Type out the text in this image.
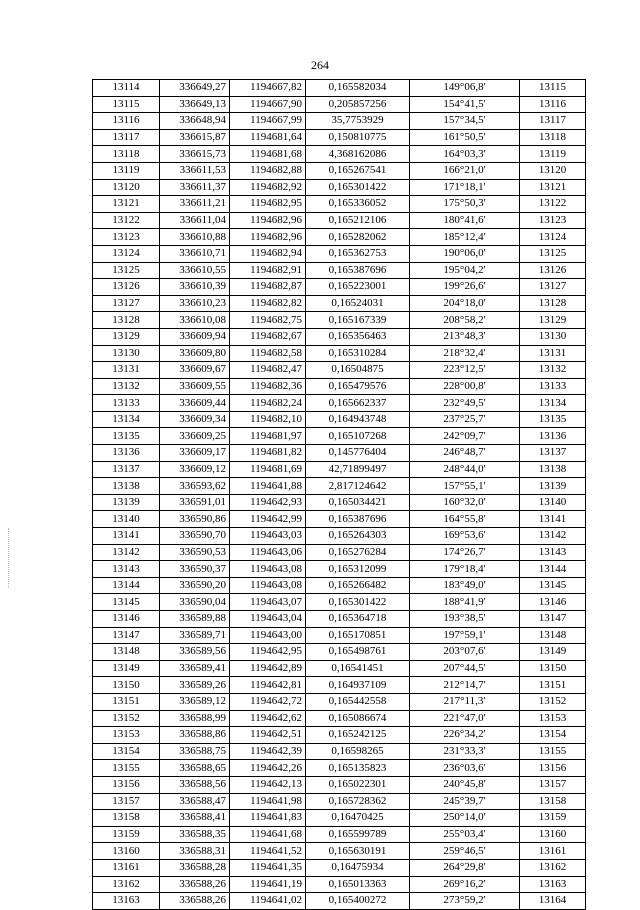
264
13114	336649,27	1194667,82	0,165582034	149°06,8'	13115
13115	336649,13	1194667,90	0,205857256	154°41,5'	13116
13116	336648,94	1194667,99	35,7753929	157°34,5'	13117
13117	336615,87	1194681,64	0,150810775	161°50,5'	13118
13118	336615,73	1194681,68	4,368162086	164°03,3'	13119
13119	336611,53	1194682,88	0,165267541	166°21,0'	13120
13120	336611,37	1194682,92	0,165301422	171°18,1'	13121
13121	336611,21	1194682,95	0,165336052	175°50,3'	13122
13122	336611,04	1194682,96	0,165212106	180°41,6'	13123
13123	336610,88	1194682,96	0,165282062	185°12,4'	13124
13124	336610,71	1194682,94	0,165362753	190°06,0'	13125
13125	336610,55	1194682,91	0,165387696	195°04,2'	13126
13126	336610,39	1194682,87	0,165223001	199°26,6'	13127
13127	336610,23	1194682,82	0,16524031	204°18,0'	13128
13128	336610,08	1194682,75	0,165167339	208°58,2'	13129
13129	336609,94	1194682,67	0,165356463	213°48,3'	13130
13130	336609,80	1194682,58	0,165310284	218°32,4'	13131
13131	336609,67	1194682,47	0,16504875	223°12,5'	13132
13132	336609,55	1194682,36	0,165479576	228°00,8'	13133
13133	336609,44	1194682,24	0,165662337	232°49,5'	13134
13134	336609,34	1194682,10	0,164943748	237°25,7'	13135
13135	336609,25	1194681,97	0,165107268	242°09,7'	13136
13136	336609,17	1194681,82	0,145776404	246°48,7'	13137
13137	336609,12	1194681,69	42,71899497	248°44,0'	13138
13138	336593,62	1194641,88	2,817124642	157°55,1'	13139
13139	336591,01	1194642,93	0,165034421	160°32,0'	13140
13140	336590,86	1194642,99	0,165387696	164°55,8'	13141
13141	336590,70	1194643,03	0,165264303	169°53,6'	13142
13142	336590,53	1194643,06	0,165276284	174°26,7'	13143
13143	336590,37	1194643,08	0,165312099	179°18,4'	13144
13144	336590,20	1194643,08	0,165266482	183°49,0'	13145
13145	336590,04	1194643,07	0,165301422	188°41,9'	13146
13146	336589,88	1194643,04	0,165364718	193°38,5'	13147
13147	336589,71	1194643,00	0,165170851	197°59,1'	13148
13148	336589,56	1194642,95	0,165498761	203°07,6'	13149
13149	336589,41	1194642,89	0,16541451	207°44,5'	13150
13150	336589,26	1194642,81	0,164937109	212°14,7'	13151
13151	336589,12	1194642,72	0,165442558	217°11,3'	13152
13152	336588,99	1194642,62	0,165086674	221°47,0'	13153
13153	336588,86	1194642,51	0,165242125	226°34,2'	13154
13154	336588,75	1194642,39	0,16598265	231°33,3'	13155
13155	336588,65	1194642,26	0,165135823	236°03,6'	13156
13156	336588,56	1194642,13	0,165022301	240°45,8'	13157
13157	336588,47	1194641,98	0,165728362	245°39,7'	13158
13158	336588,41	1194641,83	0,16470425	250°14,0'	13159
13159	336588,35	1194641,68	0,165599789	255°03,4'	13160
13160	336588,31	1194641,52	0,165630191	259°46,5'	13161
13161	336588,28	1194641,35	0,16475934	264°29,8'	13162
13162	336588,26	1194641,19	0,165013363	269°16,2'	13163
13163	336588,26	1194641,02	0,165400272	273°59,2'	13164
